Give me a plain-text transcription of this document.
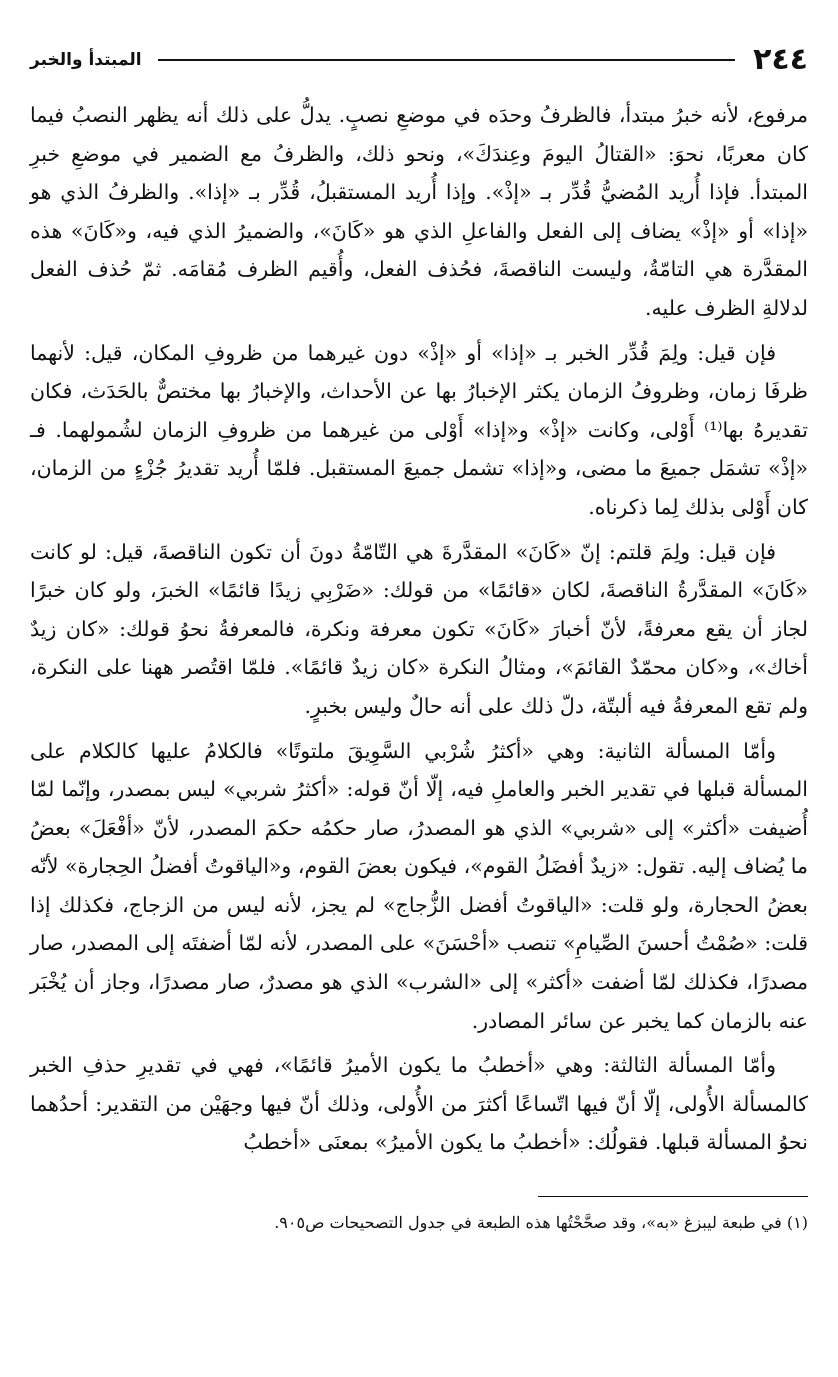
٢٤٤
المبتدأ والخبر

مرفوع، لأنه خبرُ مبتدأ، فالظرفُ وحدَه في موضعِ نصبٍ. يدلُّ على ذلك أنه يظهر النصبُ فيما كان معربًا، نحوَ: «القتالُ اليومَ وعِندَكَ»، ونحو ذلك، والظرفُ مع الضمير في موضعِ خبرِ المبتدأ. فإذا أُريد المُضيُّ قُدِّر بـ «إذْ». وإذا أُريد المستقبلُ، قُدِّر بـ «إذا». والظرفُ الذي هو «إذا» أو «إذْ» يضاف إلى الفعل والفاعلِ الذي هو «كَانَ»، والضميرُ الذي فيه، و«كَانَ» هذه المقدَّرة هي التامّةُ، وليست الناقصةَ، فحُذف الفعل، وأُقيم الظرف مُقامَه. ثمّ حُذف الفعل لدلالةِ الظرف عليه.

فإن قيل: ولِمَ قُدِّر الخبر بـ «إذا» أو «إذْ» دون غيرهما من ظروفِ المكان، قيل: لأنهما ظرفَا زمان، وظروفُ الزمان يكثر الإخبارُ بها عن الأحداث، والإخبارُ بها مختصٌّ بالحَدَث، فكان تقديرهُ بها⁽¹⁾ أَوْلى، وكانت «إذْ» و«إذا» أَوْلى من غيرهما من ظروفِ الزمان لشُمولهما. فـ «إذْ» تشمَل جميعَ ما مضى، و«إذا» تشمل جميعَ المستقبل. فلمّا أُريد تقديرُ جُزْءٍ من الزمان، كان أَوْلى بذلك لِما ذكرناه.

فإن قيل: ولِمَ قلتم: إنّ «كَانَ» المقدَّرةَ هي التّامّةُ دونَ أن تكون الناقصةَ، قيل: لو كانت «كَانَ» المقدَّرةُ الناقصةَ، لكان «قائمًا» من قولك: «ضَرْبِي زيدًا قائمًا» الخبرَ، ولو كان خبرًا لجاز أن يقع معرفةً، لأنّ أخبارَ «كَانَ» تكون معرفة ونكرة، فالمعرفةُ نحوُ قولك: «كان زيدٌ أخاك»، و«كان محمّدٌ القائمَ»، ومثالُ النكرة «كان زيدٌ قائمًا». فلمّا اقتُصر ههنا على النكرة، ولم تقع المعرفةُ فيه ألبتّة، دلّ ذلك على أنه حالٌ وليس بخبرٍ.

وأمّا المسألة الثانية: وهي «أكثرُ شُرْبي السَّوِيقَ ملتوتًا» فالكلامُ عليها كالكلام على المسألة قبلها في تقدير الخبر والعاملِ فيه، إلّا أنّ قوله: «أكثرُ شربي» ليس بمصدر، وإنّما لمّا أُضيفت «أكثر» إلى «شربي» الذي هو المصدرُ، صار حكمُه حكمَ المصدر، لأنّ «أفْعَلَ» بعضُ ما يُضاف إليه. تقول: «زيدٌ أفضَلُ القوم»، فيكون بعضَ القوم، و«الياقوتُ أفضلُ الحِجارة» لأنّه بعضُ الحجارة، ولو قلت: «الياقوتُ أفضل الزُّجاج» لم يجز، لأنه ليس من الزجاج، فكذلك إذا قلت: «صُمْتُ أحسنَ الصِّيامِ» تنصب «أحْسَنَ» على المصدر، لأنه لمّا أضفتَه إلى المصدر، صار مصدرًا، فكذلك لمّا أضفت «أكثر» إلى «الشرب» الذي هو مصدرٌ، صار مصدرًا، وجاز أن يُخْبَر عنه بالزمان كما يخبر عن سائر المصادر.

وأمّا المسألة الثالثة: وهي «أخطبُ ما يكون الأميرُ قائمًا»، فهي في تقديرِ حذفِ الخبر كالمسألة الأُولى، إلّا أنّ فيها اتّساعًا أكثرَ من الأُولى، وذلك أنّ فيها وجهَيْن من التقدير: أحدُهما نحوُ المسألة قبلها. فقولُك: «أخطبُ ما يكون الأميرُ» بمعنَى «أخطبُ

(١) في طبعة ليبزغ «به»، وقد صحَّحْتُها هذه الطبعة في جدول التصحيحات ص٩٠٥.
